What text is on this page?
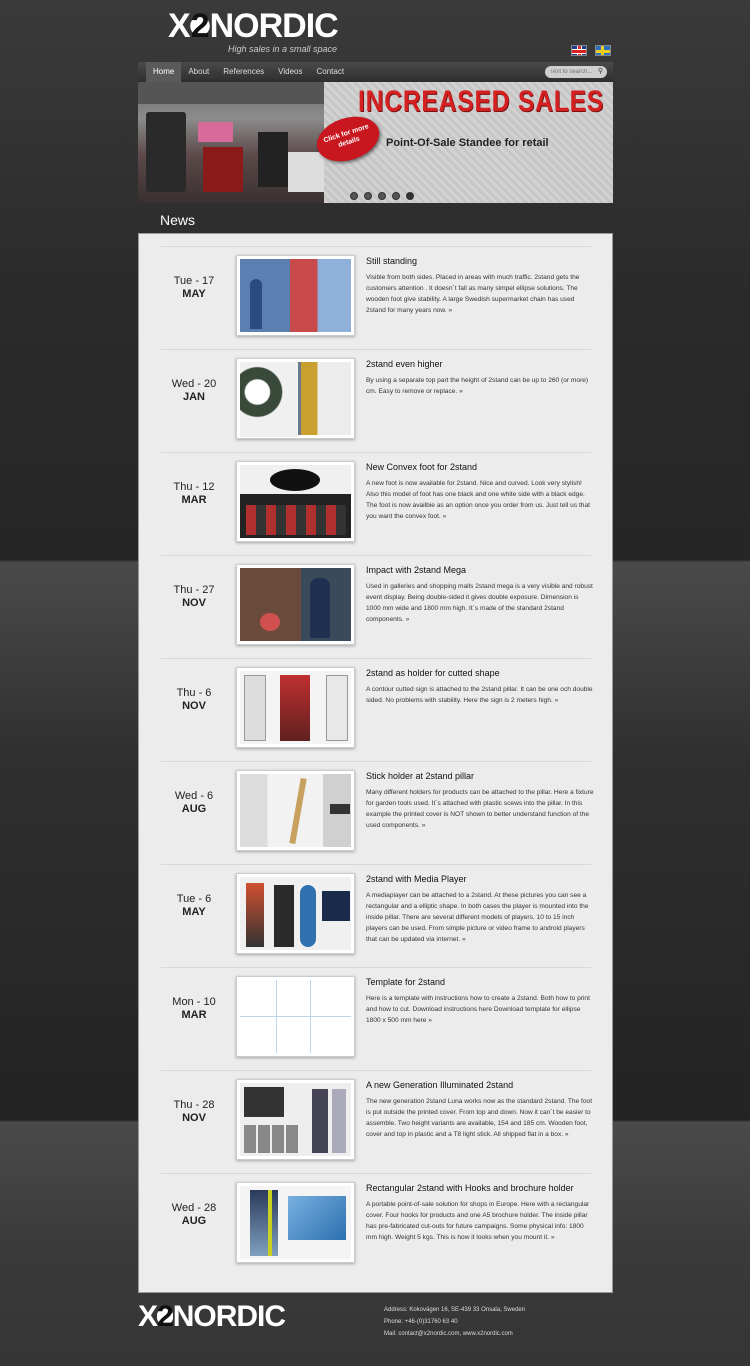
X2NORDIC
High sales in a small space
Home	About	References	Videos	Contact
Text to search...	⚲
INCREASED SALES
Point-Of-Sale Standee for retail
Click for more details
News
Tue - 17
MAY
Still standing
Visible from both sides. Placed in areas with much traffic. 2stand gets the customers attention . It doesn´t fall as many simpel ellipse solutions. The wooden foot give stability. A large Swedish supermarket chain has used 2stand for many years now. »
Wed - 20
JAN
2stand even higher
By using a separate top part the height of 2stand can be up to 260 (or more) cm. Easy to remove or replace. »
Thu - 12
MAR
New Convex foot for 2stand
A new foot is now available for 2stand. Nice and curved. Look very stylish! Also this model of foot has one black and one white side with a black edge. The foot is now availbie as an option once you order from us. Just tell us that you want the convex foot. »
Thu - 27
NOV
Impact with 2stand Mega
Used in galleries and shopping malls 2stand mega is a very visible and robust event display. Being double-sided it gives double exposure. Dimension is 1000 mm wide and 1800 mm high. It´s made of the standard 2stand components. »
Thu - 6
NOV
2stand as holder for cutted shape
A contour cutted sign is attached to the 2stand pillar. It can be one och double sided. No problems with stability. Here the sign is 2 meters high. »
Wed - 6
AUG
Stick holder at 2stand pillar
Many different holders for products can be attached to the pillar. Here a fixture for garden tools used. It´s attached with plastic scews into the pillar. In this example the printed cover is NOT shown to better understand function of the used components. »
Tue - 6
MAY
2stand with Media Player
A mediaplayer can be attached to a 2stand. At these pictures you can see a rectangular and a elliptic shape. In both cases the player is mounted into the inside pillar. There are several different models of players. 10 to 15 inch players can be used. From simple picture or video frame to android players that can be updated via internet. »
Mon - 10
MAR
Template for 2stand
Here is a template with instructions how to create a 2stand. Both how to print and how to cut. Download instructions here Download template for ellipse 1800 x 500 mm here »
Thu - 28
NOV
A new Generation Illuminated 2stand
The new generation 2stand Luna works now as the standard 2stand. The foot is put outside the printed cover. From top and down. Now it can´t be easier to assemble. Two height variants are available, 154 and 185 cm. Wooden foot, cover and top in plastic and a T8 light stick. All shipped flat in a box. »
Wed - 28
AUG
Rectangular 2stand with Hooks and brochure holder
A portable point-of-sale solution for shops in Europe. Here with a rectangular cover. Four hooks for products and one A5 brochure holder. The inside pillar has pre-fabricated cut-outs for future campaigns. Some physical info: 1800 mm high. Weight 5 kgs. This is how it looks when you mount it. »
X2NORDIC	Address: Kokovägen 16, SE-439 33 Onsala, Sweden
Phone: +46-(0)31760 63 40
Mail: contact@x2nordic.com, www.x2nordic.com
